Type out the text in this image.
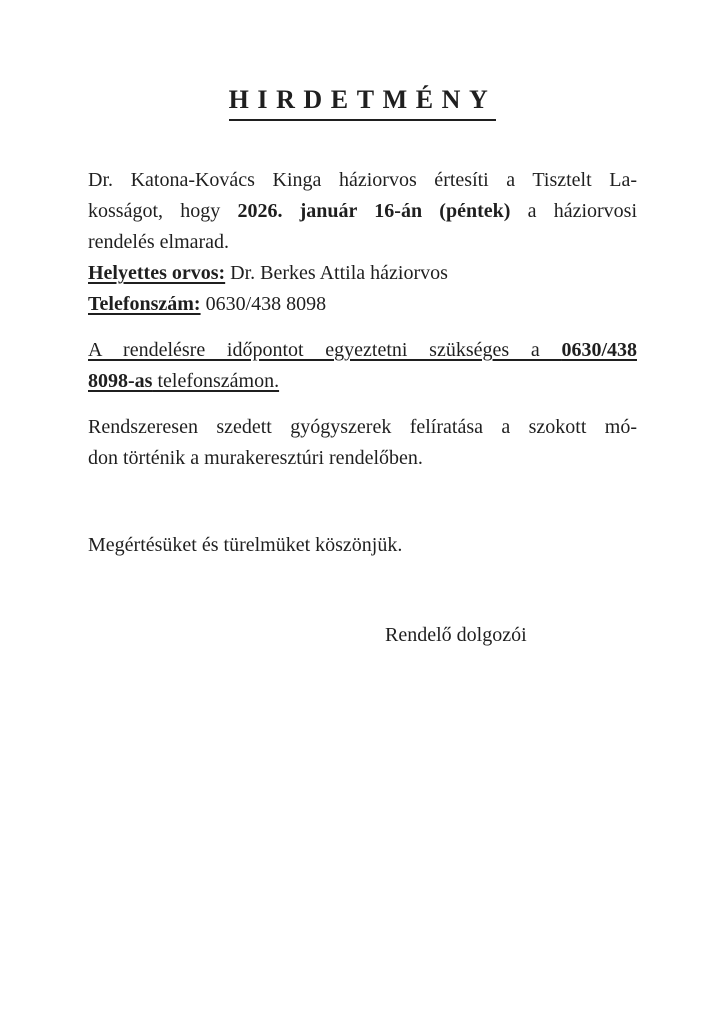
HIRDETMÉNY
Dr. Katona-Kovács Kinga háziorvos értesíti a Tisztelt La-
kosságot, hogy 2026. január 16-án (péntek) a háziorvosi
rendelés elmarad.
Helyettes orvos: Dr. Berkes Attila háziorvos
Telefonszám: 0630/438 8098
A rendelésre időpontot egyeztetni szükséges a 0630/438
8098-as telefonszámon.
Rendszeresen szedett gyógyszerek felíratása a szokott mó-
don történik a murakeresztúri rendelőben.
Megértésüket és türelmüket köszönjük.
Rendelő dolgozói
